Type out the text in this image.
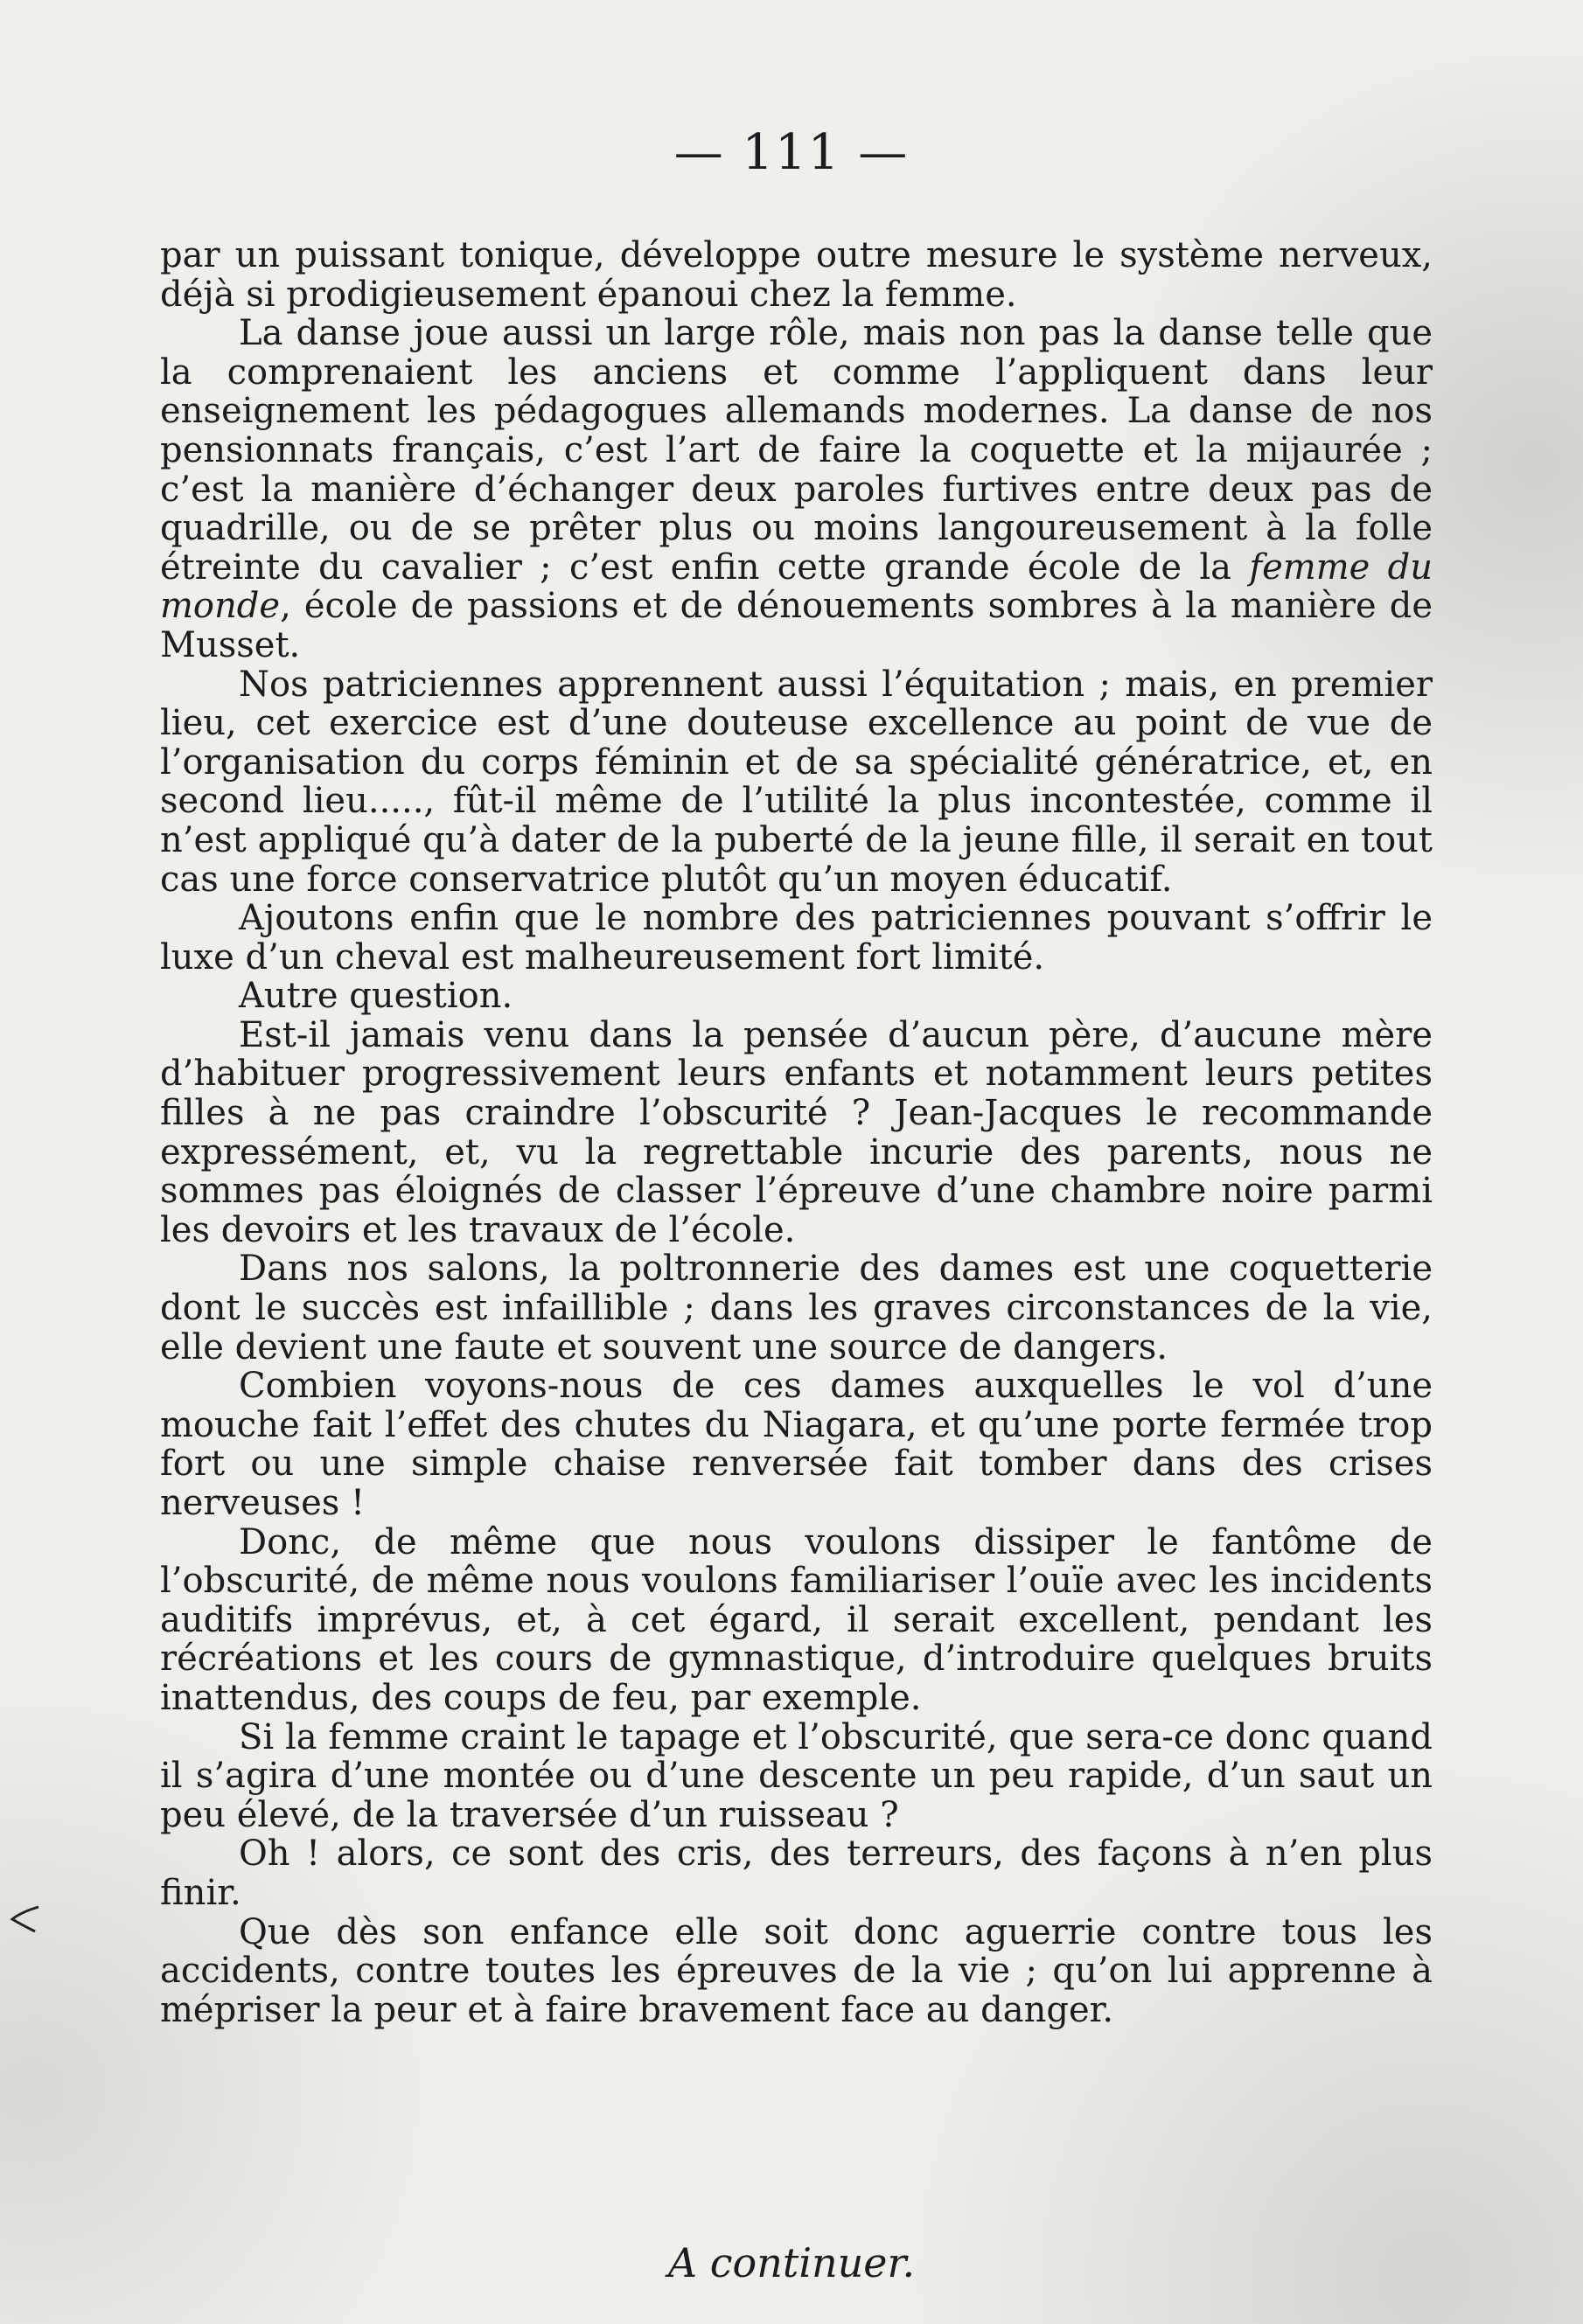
— 111 —

par un puissant tonique, développe outre mesure le système nerveux, déjà si prodigieusement épanoui chez la femme.

La danse joue aussi un large rôle, mais non pas la danse telle que la comprenaient les anciens et comme l’appliquent dans leur enseignement les pédagogues allemands modernes. La danse de nos pensionnats français, c’est l’art de faire la coquette et la mijaurée ; c’est la manière d’échanger deux paroles furtives entre deux pas de quadrille, ou de se prêter plus ou moins langoureusement à la folle étreinte du cavalier ; c’est enfin cette grande école de la femme du monde, école de passions et de dénouements sombres à la manière de Musset.

Nos patriciennes apprennent aussi l’équitation ; mais, en premier lieu, cet exercice est d’une douteuse excellence au point de vue de l’organisation du corps féminin et de sa spécialité génératrice, et, en second lieu....., fût-il même de l’utilité la plus incontestée, comme il n’est appliqué qu’à dater de la puberté de la jeune fille, il serait en tout cas une force conservatrice plutôt qu’un moyen éducatif.

Ajoutons enfin que le nombre des patriciennes pouvant s’offrir le luxe d’un cheval est malheureusement fort limité.

Autre question.

Est-il jamais venu dans la pensée d’aucun père, d’aucune mère d’habituer progressivement leurs enfants et notamment leurs petites filles à ne pas craindre l’obscurité ? Jean-Jacques le recommande expressément, et, vu la regrettable incurie des parents, nous ne sommes pas éloignés de classer l’épreuve d’une chambre noire parmi les devoirs et les travaux de l’école.

Dans nos salons, la poltronnerie des dames est une coquetterie dont le succès est infaillible ; dans les graves circonstances de la vie, elle devient une faute et souvent une source de dangers.

Combien voyons-nous de ces dames auxquelles le vol d’une mouche fait l’effet des chutes du Niagara, et qu’une porte fermée trop fort ou une simple chaise renversée fait tomber dans des crises nerveuses !

Donc, de même que nous voulons dissiper le fantôme de l’obscurité, de même nous voulons familiariser l’ouïe avec les incidents auditifs imprévus, et, à cet égard, il serait excellent, pendant les récréations et les cours de gymnastique, d’introduire quelques bruits inattendus, des coups de feu, par exemple.

Si la femme craint le tapage et l’obscurité, que sera-ce donc quand il s’agira d’une montée ou d’une descente un peu rapide, d’un saut un peu élevé, de la traversée d’un ruisseau ?

Oh ! alors, ce sont des cris, des terreurs, des façons à n’en plus finir.

Que dès son enfance elle soit donc aguerrie contre tous les accidents, contre toutes les épreuves de la vie ; qu’on lui apprenne à mépriser la peur et à faire bravement face au danger.

A continuer.
